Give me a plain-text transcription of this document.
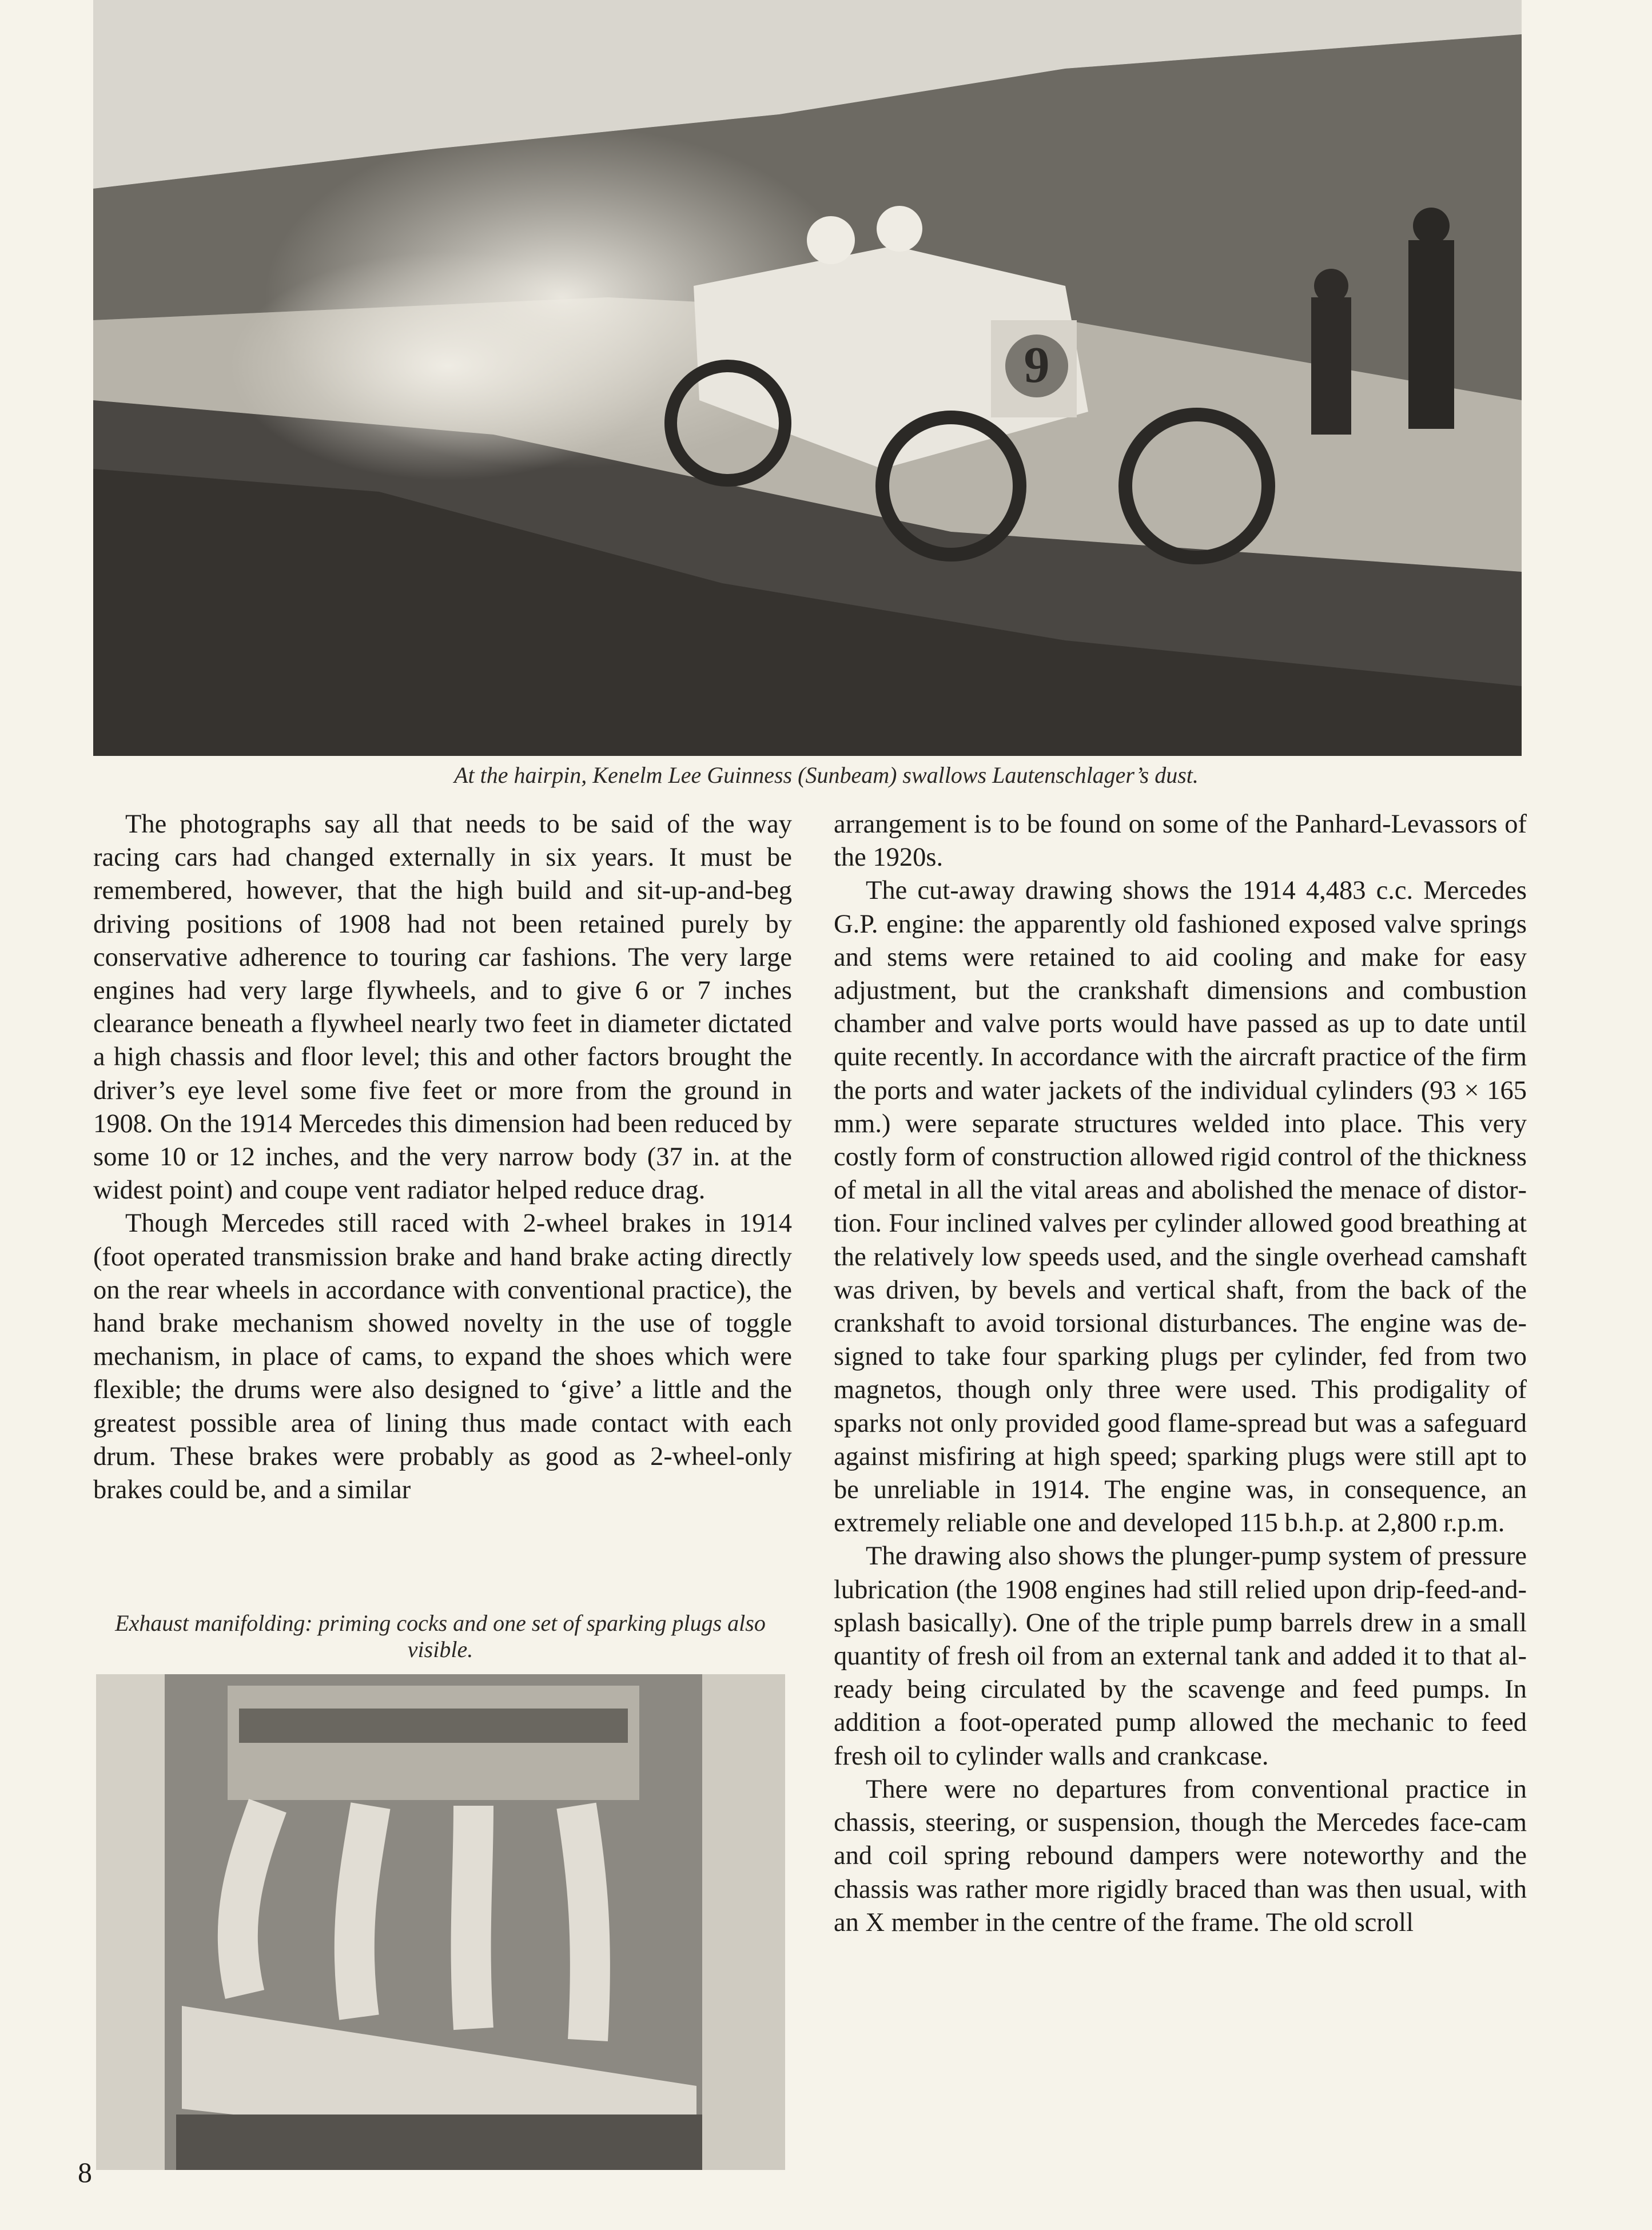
9
At the hairpin, Kenelm Lee Guinness (Sunbeam) swallows Lautenschlager’s dust.

The photographs say all that needs to be said of the way racing cars had changed externally in six years. It must be remembered, however, that the high build and sit-up-and-beg driving positions of 1908 had not been retained purely by conservative adherence to touring car fashions. The very large engines had very large flywheels, and to give 6 or 7 inches clearance beneath a flywheel nearly two feet in diameter dictated a high chassis and floor level; this and other factors brought the driver’s eye level some five feet or more from the ground in 1908. On the 1914 Mercedes this dimension had been reduced by some 10 or 12 inches, and the very narrow body (37 in. at the widest point) and coupe vent radiator helped reduce drag.

Though Mercedes still raced with 2-wheel brakes in 1914 (foot operated transmission brake and hand brake acting directly on the rear wheels in accordance with conventional practice), the hand brake mechanism showed novelty in the use of toggle mechanism, in place of cams, to expand the shoes which were flexible; the drums were also designed to ‘give’ a little and the greatest possible area of lining thus made contact with each drum. These brakes were probably as good as 2-wheel-only brakes could be, and a similar

Exhaust manifolding: priming cocks and one set of sparking plugs also visible.

arrangement is to be found on some of the Panhard-Levassors of the 1920s.

The cut-away drawing shows the 1914 4,483 c.c. Mercedes G.P. engine: the apparently old fashioned exposed valve springs and stems were retained to aid cooling and make for easy adjustment, but the crankshaft dimensions and combustion chamber and valve ports would have passed as up to date until quite recently. In accordance with the aircraft practice of the firm the ports and water jackets of the individual cylinders (93 × 165 mm.) were separate structures welded into place. This very costly form of construction allowed rigid control of the thickness of metal in all the vital areas and abolished the menace of distortion. Four inclined valves per cylinder allowed good breathing at the relatively low speeds used, and the single overhead camshaft was driven, by bevels and vertical shaft, from the back of the crankshaft to avoid torsional disturbances. The engine was designed to take four sparking plugs per cylinder, fed from two magnetos, though only three were used. This prodigality of sparks not only provided good flame-spread but was a safeguard against misfiring at high speed; sparking plugs were still apt to be unreliable in 1914. The engine was, in consequence, an extremely reliable one and developed 115 b.h.p. at 2,800 r.p.m.

The drawing also shows the plunger-pump system of pressure lubrication (the 1908 engines had still relied upon drip-feed-and-splash basically). One of the triple pump barrels drew in a small quantity of fresh oil from an external tank and added it to that already being circulated by the scavenge and feed pumps. In addition a foot-operated pump allowed the mechanic to feed fresh oil to cylinder walls and crankcase.

There were no departures from conventional practice in chassis, steering, or suspension, though the Mercedes face-cam and coil spring rebound dampers were noteworthy and the chassis was rather more rigidly braced than was then usual, with an X member in the centre of the frame. The old scroll

8
